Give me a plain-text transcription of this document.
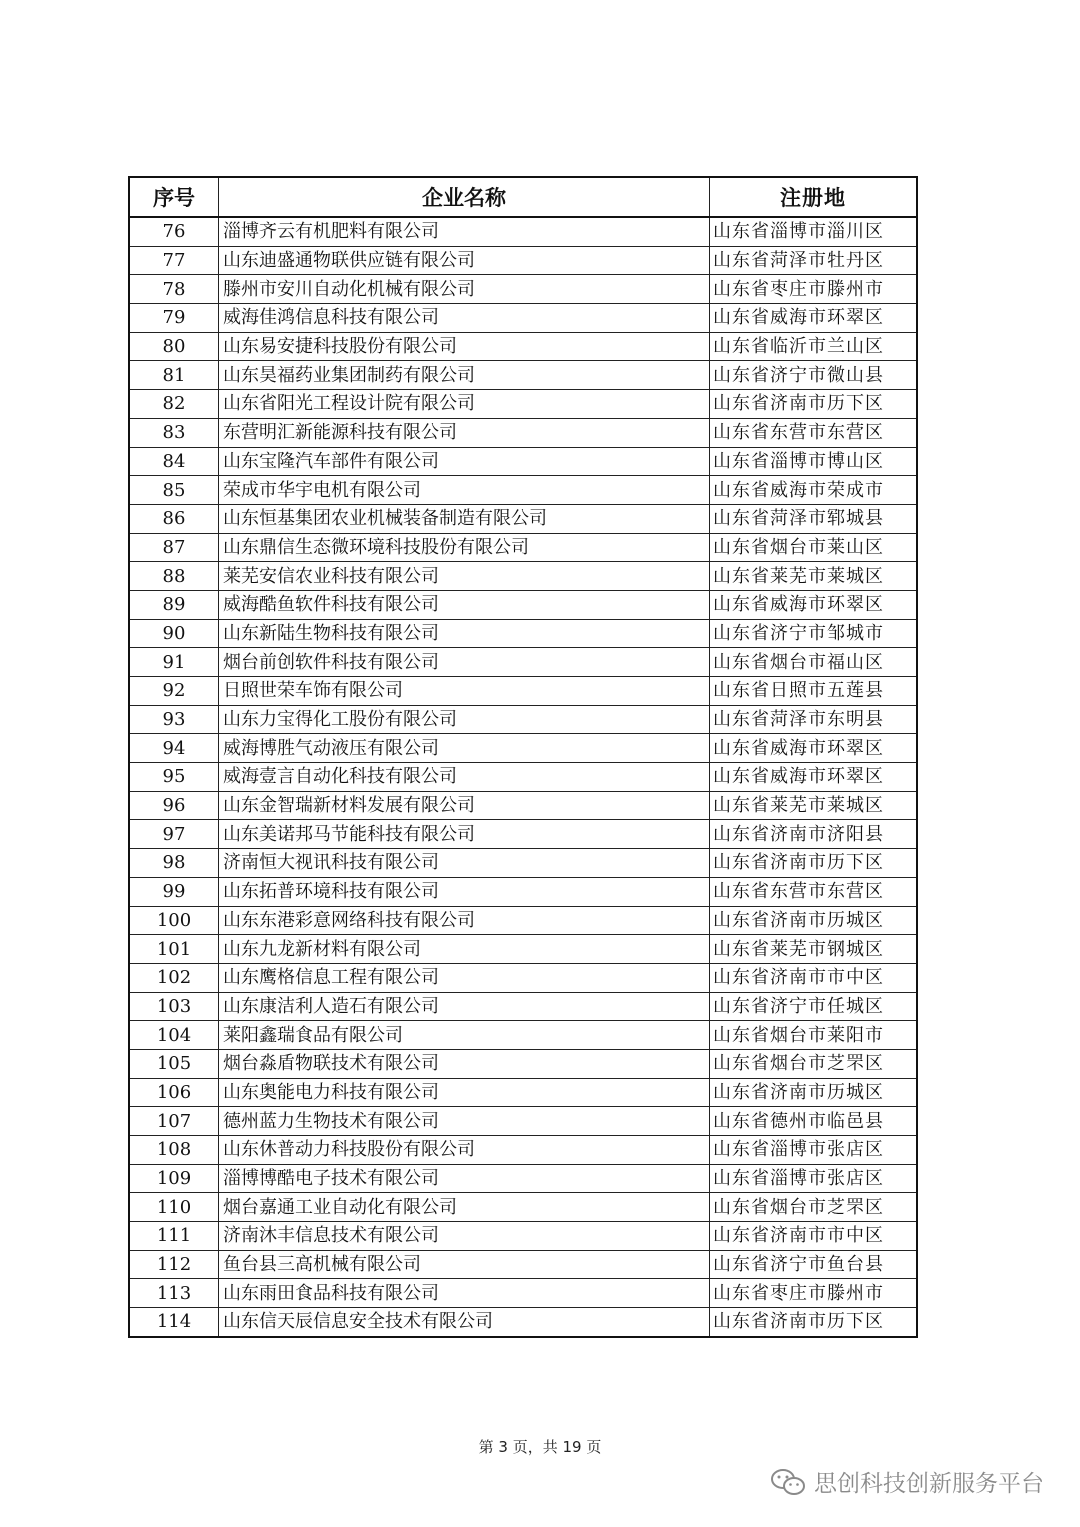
序号	企业名称	注册地
76	淄博齐云有机肥料有限公司	山东省淄博市淄川区
77	山东迪盛通物联供应链有限公司	山东省菏泽市牡丹区
78	滕州市安川自动化机械有限公司	山东省枣庄市滕州市
79	威海佳鸿信息科技有限公司	山东省威海市环翠区
80	山东易安捷科技股份有限公司	山东省临沂市兰山区
81	山东昊福药业集团制药有限公司	山东省济宁市微山县
82	山东省阳光工程设计院有限公司	山东省济南市历下区
83	东营明汇新能源科技有限公司	山东省东营市东营区
84	山东宝隆汽车部件有限公司	山东省淄博市博山区
85	荣成市华宇电机有限公司	山东省威海市荣成市
86	山东恒基集团农业机械装备制造有限公司	山东省菏泽市郓城县
87	山东鼎信生态微环境科技股份有限公司	山东省烟台市莱山区
88	莱芜安信农业科技有限公司	山东省莱芜市莱城区
89	威海酷鱼软件科技有限公司	山东省威海市环翠区
90	山东新陆生物科技有限公司	山东省济宁市邹城市
91	烟台前创软件科技有限公司	山东省烟台市福山区
92	日照世荣车饰有限公司	山东省日照市五莲县
93	山东力宝得化工股份有限公司	山东省菏泽市东明县
94	威海博胜气动液压有限公司	山东省威海市环翠区
95	威海壹言自动化科技有限公司	山东省威海市环翠区
96	山东金智瑞新材料发展有限公司	山东省莱芜市莱城区
97	山东美诺邦马节能科技有限公司	山东省济南市济阳县
98	济南恒大视讯科技有限公司	山东省济南市历下区
99	山东拓普环境科技有限公司	山东省东营市东营区
100	山东东港彩意网络科技有限公司	山东省济南市历城区
101	山东九龙新材料有限公司	山东省莱芜市钢城区
102	山东鹰格信息工程有限公司	山东省济南市市中区
103	山东康洁利人造石有限公司	山东省济宁市任城区
104	莱阳鑫瑞食品有限公司	山东省烟台市莱阳市
105	烟台淼盾物联技术有限公司	山东省烟台市芝罘区
106	山东奥能电力科技有限公司	山东省济南市历城区
107	德州蓝力生物技术有限公司	山东省德州市临邑县
108	山东休普动力科技股份有限公司	山东省淄博市张店区
109	淄博博酷电子技术有限公司	山东省淄博市张店区
110	烟台嘉通工业自动化有限公司	山东省烟台市芝罘区
111	济南沐丰信息技术有限公司	山东省济南市市中区
112	鱼台县三高机械有限公司	山东省济宁市鱼台县
113	山东雨田食品科技有限公司	山东省枣庄市滕州市
114	山东信天辰信息安全技术有限公司	山东省济南市历下区
第 3 页，共 19 页
思创科技创新服务平台
